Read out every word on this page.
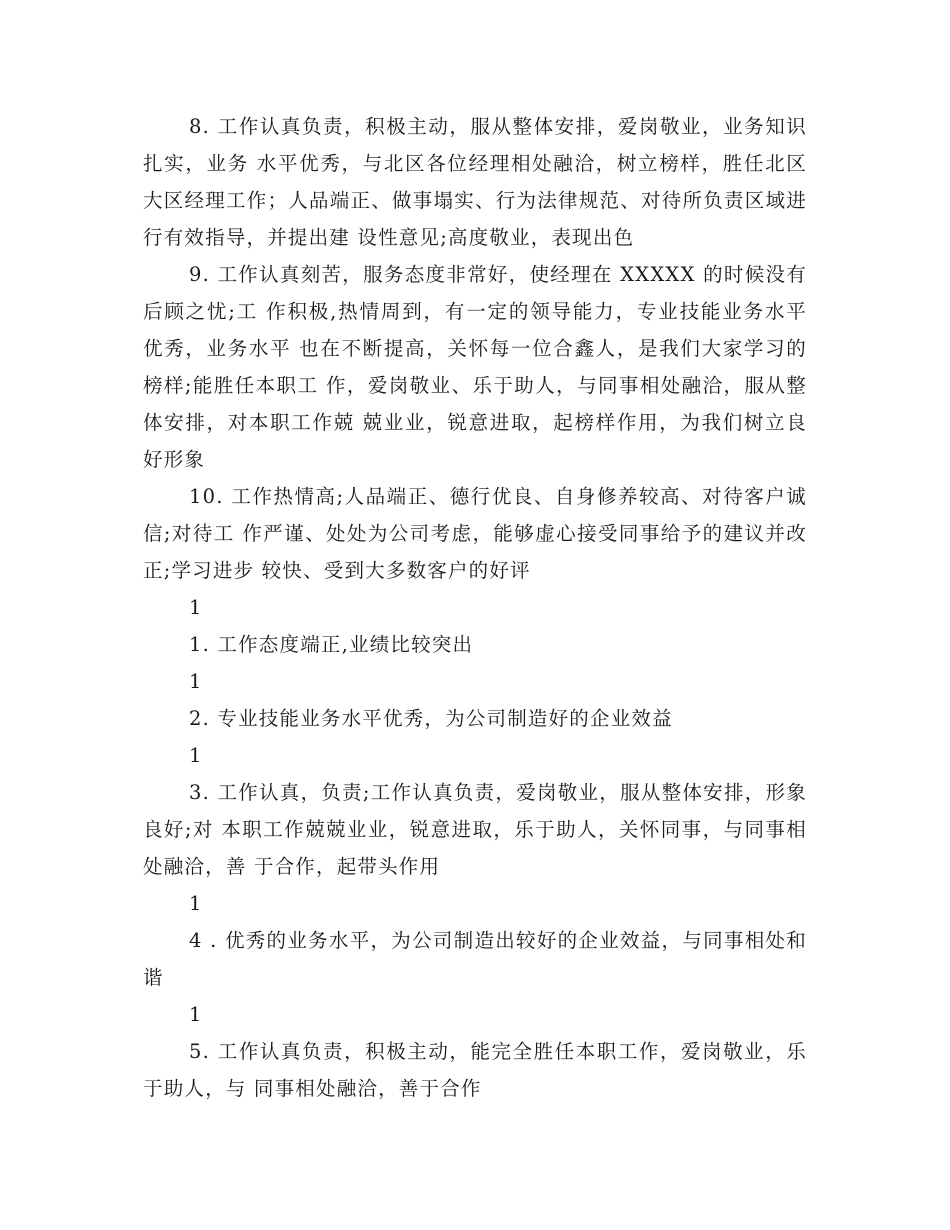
8. 工作认真负责，积极主动，服从整体安排，爱岗敬业，业务知识扎实，业务 水平优秀，与北区各位经理相处融洽，树立榜样，胜任北区大区经理工作；人品端正、做事塌实、行为法律规范、对待所负责区域进行有效指导，并提出建 设性意见;高度敬业，表现出色

9. 工作认真刻苦，服务态度非常好，使经理在 XXXXX 的时候没有后顾之忧;工 作积极,热情周到，有一定的领导能力，专业技能业务水平优秀，业务水平 也在不断提高，关怀每一位合鑫人，是我们大家学习的榜样;能胜任本职工 作，爱岗敬业、乐于助人，与同事相处融洽，服从整体安排，对本职工作兢 兢业业，锐意进取，起榜样作用，为我们树立良好形象

10. 工作热情高;人品端正、德行优良、自身修养较高、对待客户诚信;对待工 作严谨、处处为公司考虑，能够虚心接受同事给予的建议并改正;学习进步 较快、受到大多数客户的好评

1

1. 工作态度端正,业绩比较突出

1

2. 专业技能业务水平优秀，为公司制造好的企业效益

1

3. 工作认真，负责;工作认真负责，爱岗敬业，服从整体安排，形象良好;对 本职工作兢兢业业，锐意进取，乐于助人，关怀同事，与同事相处融洽，善 于合作，起带头作用

1

4 . 优秀的业务水平，为公司制造出较好的企业效益，与同事相处和谐

1

5. 工作认真负责，积极主动，能完全胜任本职工作，爱岗敬业，乐于助人，与 同事相处融洽，善于合作
